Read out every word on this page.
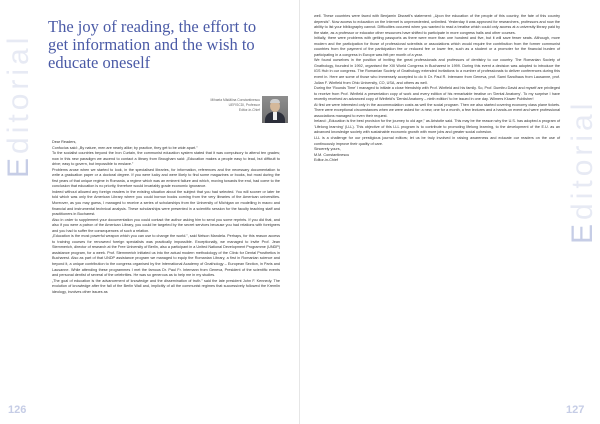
Editorial
The joy of reading, the effort to get information and the wish to educate oneself
Mihaela Mădălina Constantinescu
UEFISCDI, Professor
Editor-in-Chief

Dear Readers,

Confucius said: „By nature, men are nearly alike; by practice, they get to be wide apart.”

To the socialist countries beyond the Iron Curtain, the communist education system stated that it was compulsory to attend ten grades; now in this new paradigm we ascend to contact a library from Brougham said: „Education makes a people easy to lead, but difficult to drive; easy to govern, but impossible to enslave.”

Problems arose when we started to look, in the specialised libraries, for information, references and the necessary documentation to write a graduation paper or a doctoral degree. If you were lucky and were likely to find some magazines or books, but most during the first years of that unique regime in Romania, a regime which was an eminent failure and which, moving towards the end, had come to the conclusion that education is no priority, therefore would invariably grade economic ignorance.

Indeed without allowed any foreign readers in the existing situation about the subject that you had selected. You will sooner or later be told which was only the American Library where you could borrow books coming from the very libraries of the American universities. Moreover, as you may guess, I managed to receive a series of scholarships from the University of Michigan on modelling in macro and financial and instrumental technical analysis. These scholarships were presented in a scientific session for the faculty teaching staff and practitioners in Bucharest.

Also in order to supplement your documentation you could contact the author asking him to send you some reprints. If you did that, and also if you were a patron of the American Library, you could be targeted by the secret services because you had relations with foreigners and you had to suffer the consequences of such a relation.

„Education is the most powerful weapon which you can use to change the world.”, said Nelson Mandela. Perhaps, for this reason access to training courses for renowned foreign specialists was practically impossible. Exceptionally, we managed to invite Prof. Jean Stemmerich, director of research at the Free University of Berlin, also a participant in a United National Development Programme (UNDP) assistance program, for a week. Prof. Stemmerich initiated us into the actual modern methodology of the Clinic for Dental Prosthetics in Bucharest. Also as part of that UNDP assistance program we managed to equip the Romanian Library, a first in Romanian science and beyond it, a unique contribution to the congress organised by the International Academy of Gnathology – European Section, in Paris and Lausanne. While attending these programmes I met the famous Dr. Paul Fr. Intemann from Geneva, President of the scientific events and personal dentist of several of the celebrities. He was so generous as to help me in my studies.

„The goal of education is the advancement of knowledge and the dissemination of truth.” said the late president John F. Kennedy. The evolution of knowledge after the fall of the Berlin Wall and, implicitly of all the communist regimes that successively followed the Kremlin ideology, involves other issues as

126

well. These countries were faced with Benjamin Disraeli's statement: „Upon the education of the people of this country, the fate of this country depends”. Now access to education on the Internet is unprecedented, unlimited. Yesterday it was approved for researchers, professors and now the ability to list your bibliography cannot. Difficulties occurred when you wanted to read a treatise which could only access at a university library paid by the state, as a professor or educator other resources have shifted to participate in more congress halls and other courses.

Initially, there were problems with getting passports as there were more than one hundred and five, but it will save fewer seats. Although, more modern and the participation for those of professional scientists or associations which would require the contribution from the former communist countries from the payment of the participation fee or reduced fee or lower fee, such as a student or a promoter for the financial burden of participating in a congress in Europe was felt per month of a year.

We found ourselves in the position of inviting the great professionals and professors of dentistry to our country. The Romanian Society of Gnathology, founded in 1992, organised the XIII World Congress in Bucharest in 1999. During this event a decision was adopted to introduce the IGS Hub in our congress. The Romanian Society of Gnathology extended invitations to a number of professionals to deliver conferences during this event in. Here are some of those who immensely accepted to do it: Dr. Paul R. Intemann from Geneva, prof. Sami Sandhaus from Lausanne, prof. Julian F. Winfield from Ohio University, CO, USA, and others as well.

During the 'Rounds Time' I managed to initiate a close friendship with Prof. Winfield and his family. So, Prof. Dumitru David and myself are privileged to receive from Prof. Winfield a presentation copy of work and every edition of his remarkable treatise on 'Dental Anatomy'. To my surprise I have recently received an advanced copy of Winfield's 'Dental Anatomy – ninth edition' to be issued in one day. Wilmers Kluwer Publisher!

At first we were interested only in the accommodation costs as well the social program. Then we also started covering economy class plane tickets. There were exceptional circumstances when we were asked for: a new, one for a month, a few lectures and a hands-on event and were professional associations managed to even their request.

Ireland: „Education is the best provision for the journey to old age,” as Aristotle said. This may be the reason why the U.S. has adopted a program of 'Lifelong learning' (LLL). This objective of this LLL program is to contribute to promoting lifelong learning, to the development of the E.U. as an advanced knowledge society with sustainable economic growth with more jobs and greater social cohesion.

LLL is a challenge for our prestigious journal editors; let us be truly involved in raising awareness and educate our readers on the use of continuously improve their quality of care.

Sincerely yours,

M.M. Constantinescu

Editor-in-Chief

Editorial
127
